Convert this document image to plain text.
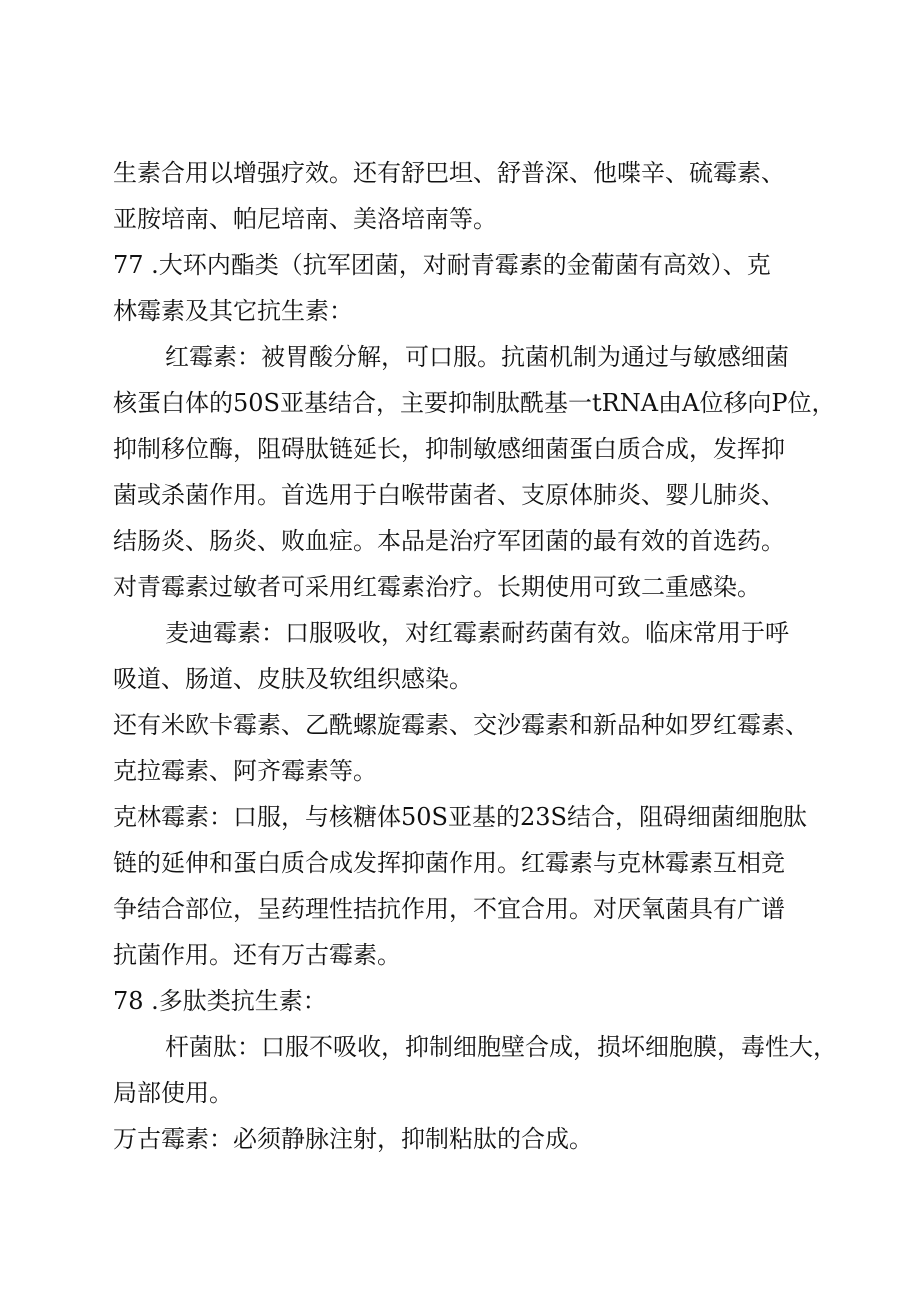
生素合用以增强疗效。还有舒巴坦、舒普深、他喋辛、硫霉素、
亚胺培南、帕尼培南、美洛培南等。
77 .大环内酯类（抗军团菌，对耐青霉素的金葡菌有高效）、克
林霉素及其它抗生素：
红霉素：被胃酸分解，可口服。抗菌机制为通过与敏感细菌
核蛋白体的50S亚基结合，主要抑制肽酰基一tRNA由A位移向P位，
抑制移位酶，阻碍肽链延长，抑制敏感细菌蛋白质合成，发挥抑
菌或杀菌作用。首选用于白喉带菌者、支原体肺炎、婴儿肺炎、
结肠炎、肠炎、败血症。本品是治疗军团菌的最有效的首选药。
对青霉素过敏者可采用红霉素治疗。长期使用可致二重感染。
麦迪霉素：口服吸收，对红霉素耐药菌有效。临床常用于呼
吸道、肠道、皮肤及软组织感染。
还有米欧卡霉素、乙酰螺旋霉素、交沙霉素和新品种如罗红霉素、
克拉霉素、阿齐霉素等。
克林霉素：口服，与核糖体50S亚基的23S结合，阻碍细菌细胞肽
链的延伸和蛋白质合成发挥抑菌作用。红霉素与克林霉素互相竞
争结合部位，呈药理性拮抗作用，不宜合用。对厌氧菌具有广谱
抗菌作用。还有万古霉素。
78 .多肽类抗生素：
杆菌肽：口服不吸收，抑制细胞壁合成，损坏细胞膜，毒性大，
局部使用。
万古霉素：必须静脉注射，抑制粘肽的合成。
